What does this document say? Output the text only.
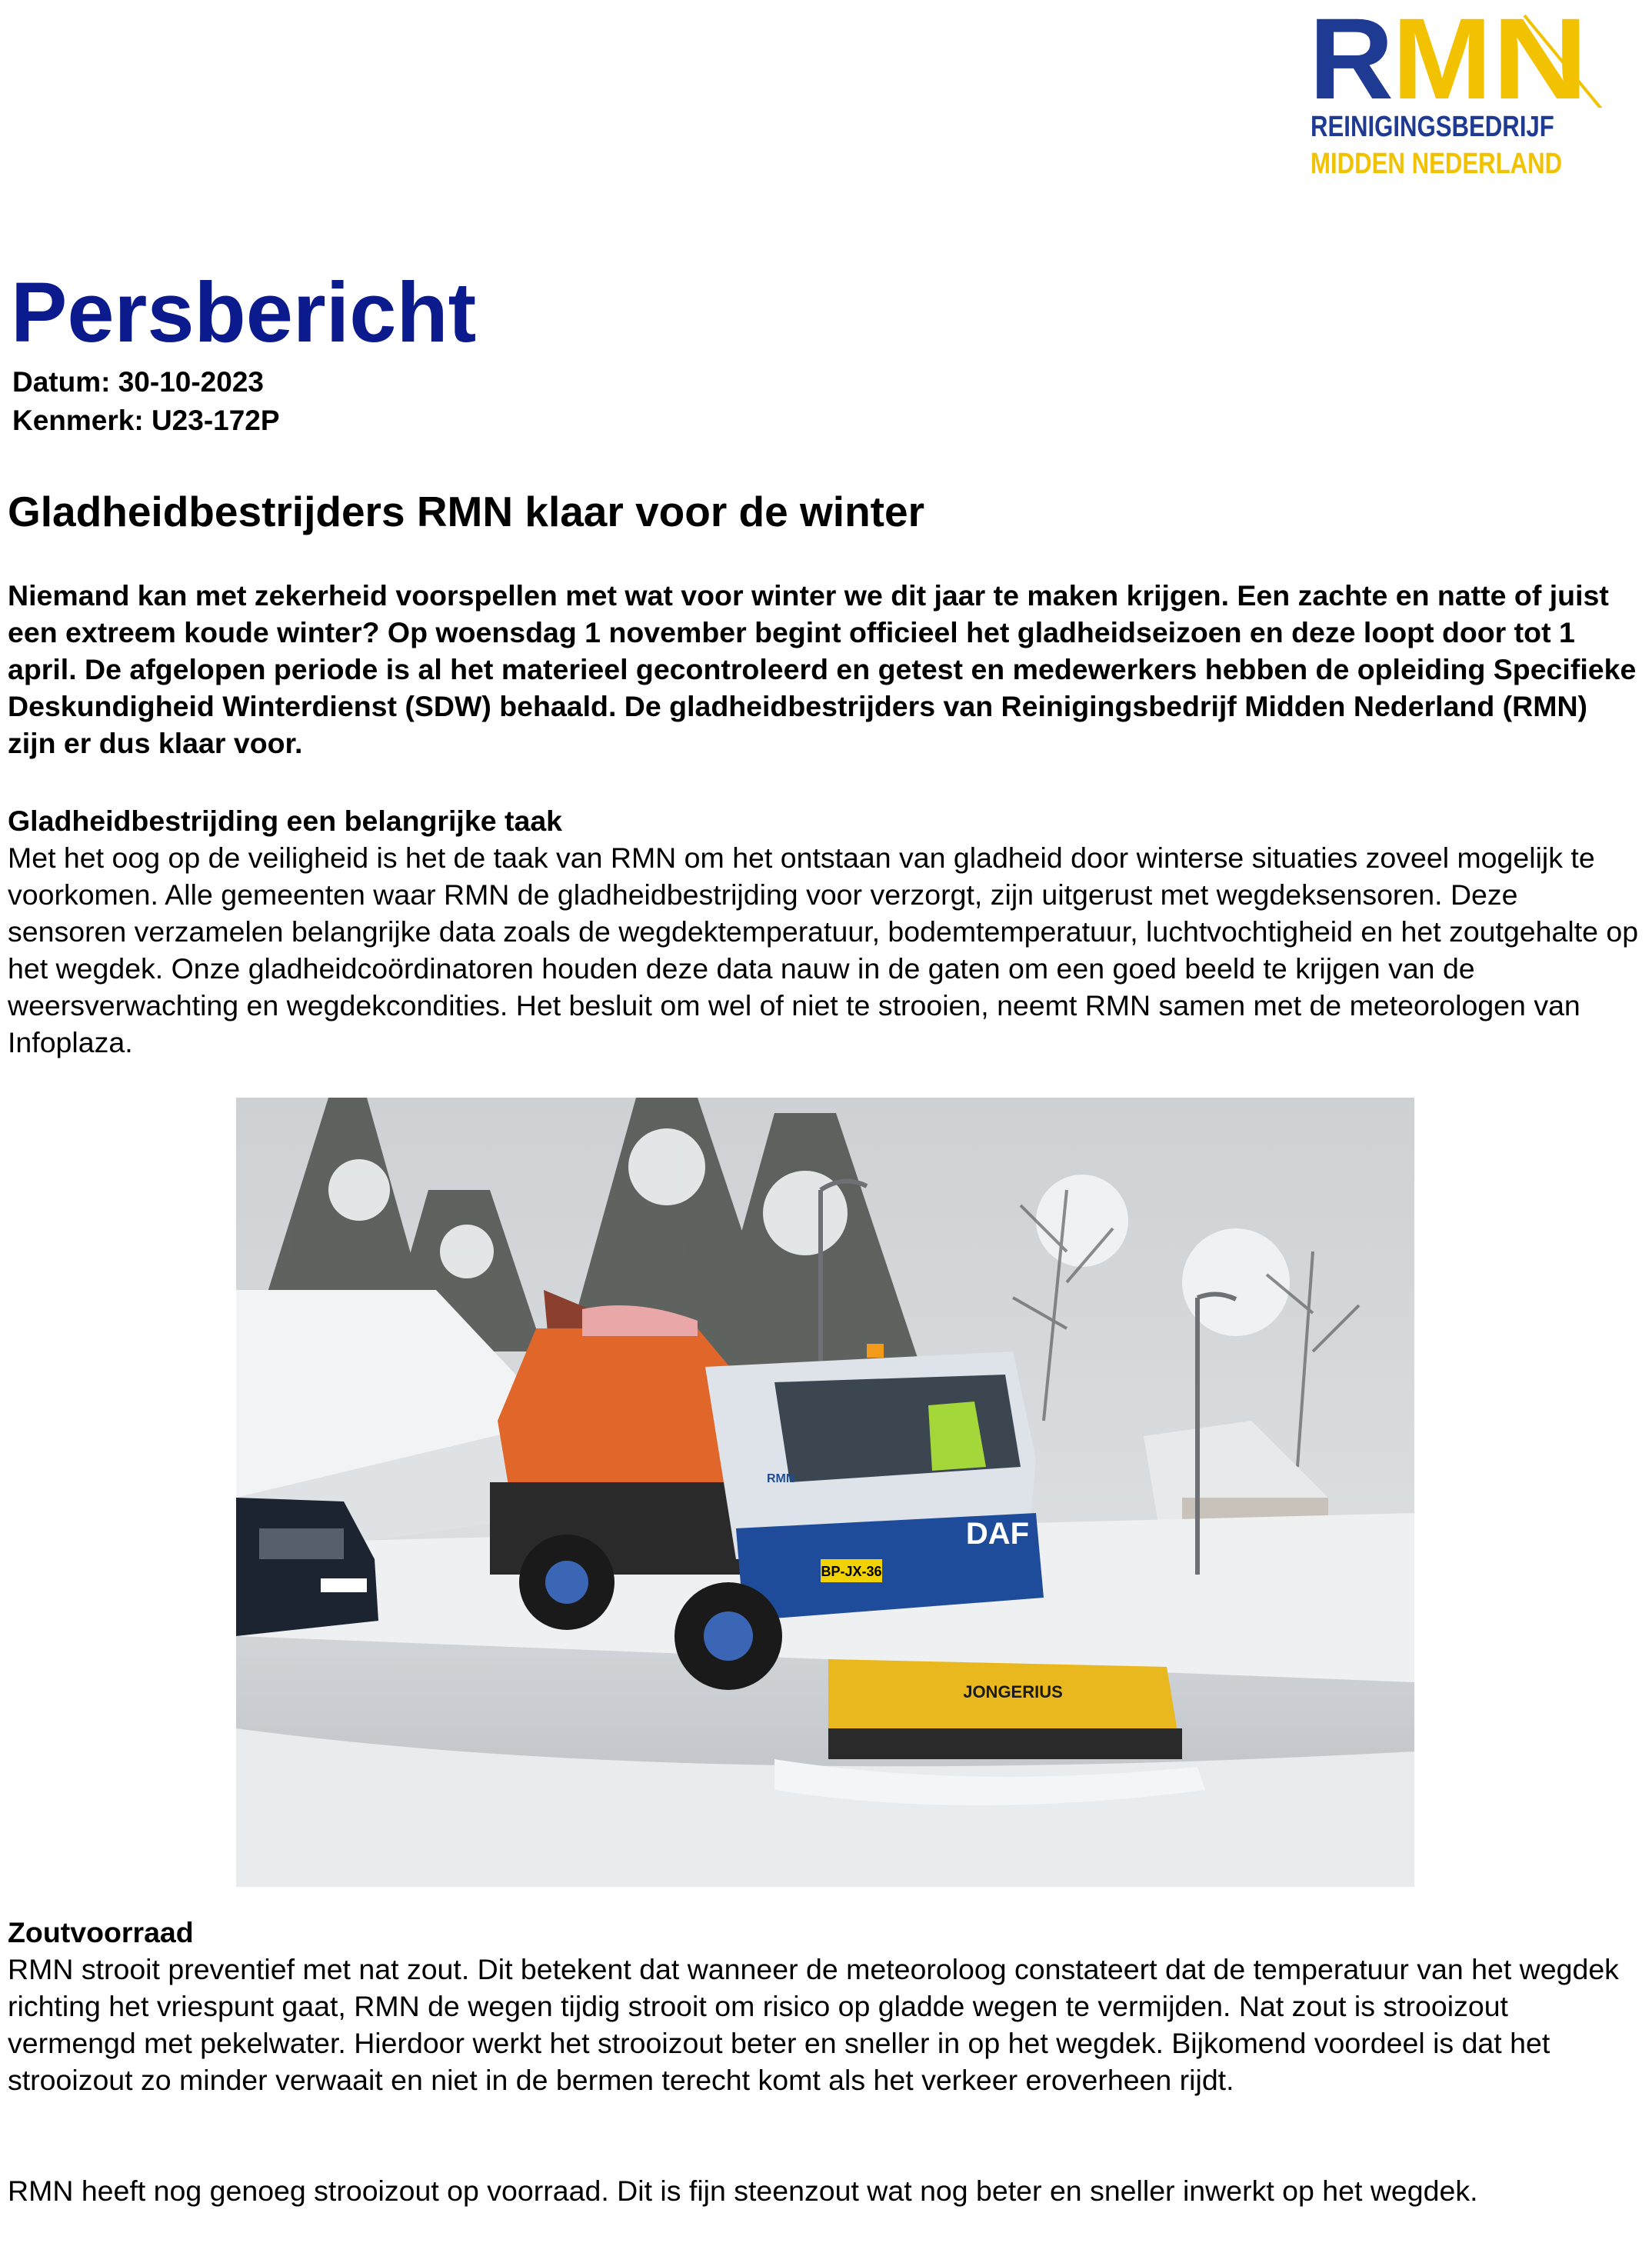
R
M N
REINIGINGSBEDRIJF
MIDDEN NEDERLAND
Persbericht
Datum: 30-10-2023
Kenmerk: U23-172P
Gladheidbestrijders RMN klaar voor de winter

Niemand kan met zekerheid voorspellen met wat voor winter we dit jaar te maken krijgen. Een zachte en natte of juist een extreem koude winter? Op woensdag 1 november begint officieel het gladheidseizoen en deze loopt door tot 1 april. De afgelopen periode is al het materieel gecontroleerd en getest en medewerkers hebben de opleiding Specifieke Deskundigheid Winterdienst (SDW) behaald. De gladheidbestrijders van Reinigingsbedrijf Midden Nederland (RMN) zijn er dus klaar voor.

Gladheidbestrijding een belangrijke taak

Met het oog op de veiligheid is het de taak van RMN om het ontstaan van gladheid door winterse situaties zoveel mogelijk te voorkomen. Alle gemeenten waar RMN de gladheidbestrijding voor verzorgt, zijn uitgerust met wegdeksensoren. Deze sensoren verzamelen belangrijke data zoals de wegdektemperatuur, bodemtemperatuur, luchtvochtigheid en het zoutgehalte op het wegdek. Onze gladheidcoördinatoren houden deze data nauw in de gaten om een goed beeld te krijgen van de weersverwachting en wegdekcondities. Het besluit om wel of niet te strooien, neemt RMN samen met de meteorologen van Infoplaza.

BP-JX-36
DAF
RMN
JONGERIUS

Zoutvoorraad

RMN strooit preventief met nat zout. Dit betekent dat wanneer de meteoroloog constateert dat de temperatuur van het wegdek richting het vriespunt gaat, RMN de wegen tijdig strooit om risico op gladde wegen te vermijden. Nat zout is strooizout vermengd met pekelwater. Hierdoor werkt het strooizout beter en sneller in op het wegdek. Bijkomend voordeel is dat het strooizout zo minder verwaait en niet in de bermen terecht komt als het verkeer eroverheen rijdt.

RMN heeft nog genoeg strooizout op voorraad. Dit is fijn steenzout wat nog beter en sneller inwerkt op het wegdek.
